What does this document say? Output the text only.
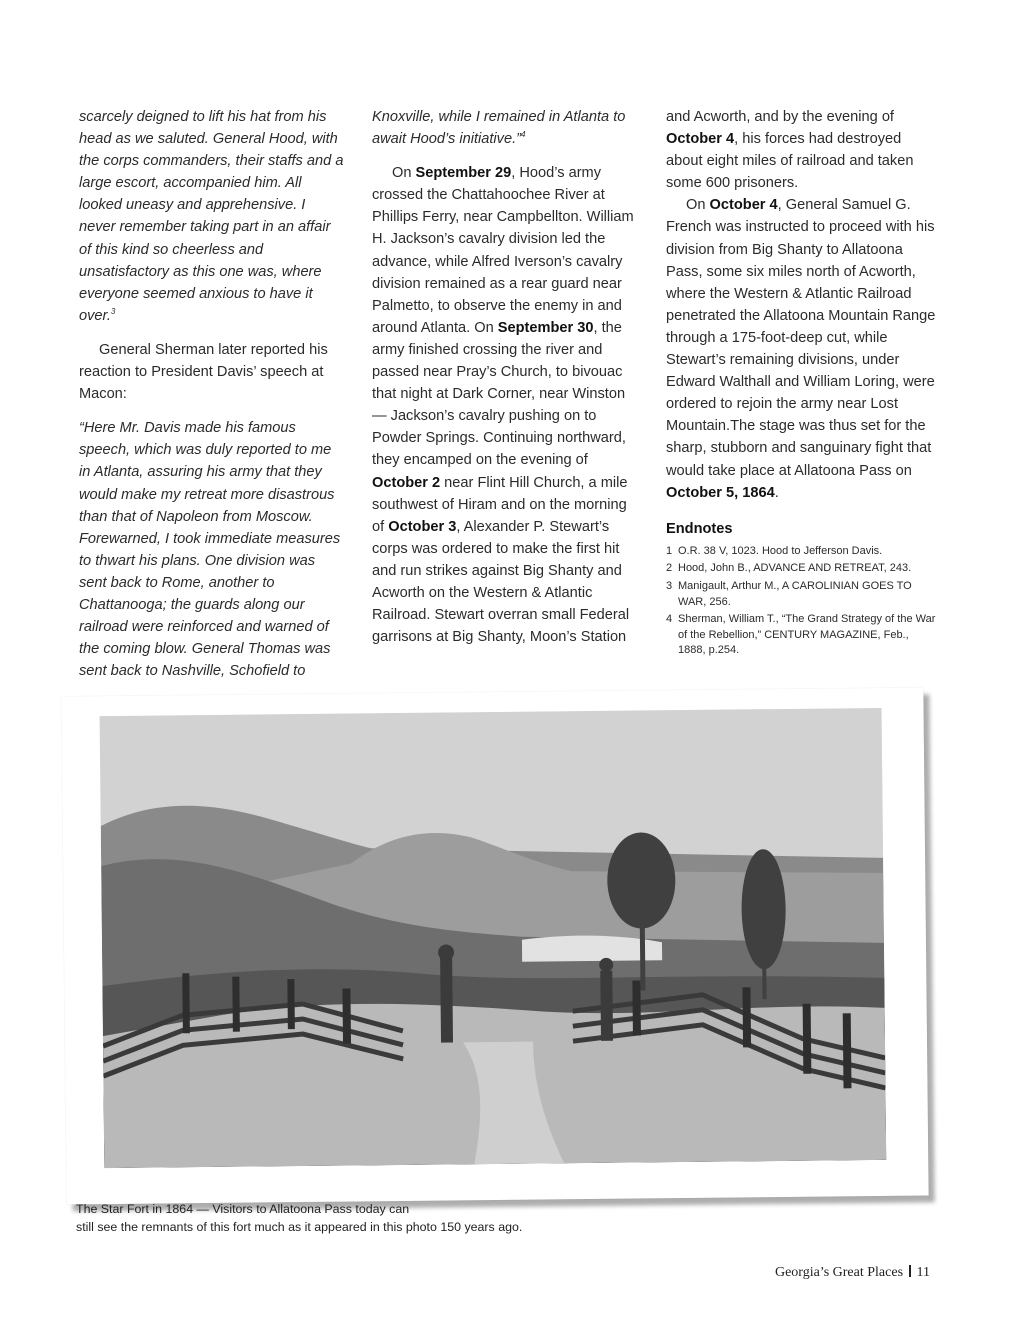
scarcely deigned to lift his hat from his head as we saluted. General Hood, with the corps commanders, their staffs and a large escort, accompanied him. All looked uneasy and apprehensive. I never remember taking part in an affair of this kind so cheerless and unsatisfactory as this one was, where everyone seemed anxious to have it over.$^3$

General Sherman later reported his reaction to President Davis’ speech at Macon:

“Here Mr. Davis made his famous speech, which was duly reported to me in Atlanta, assuring his army that they would make my retreat more disastrous than that of Napoleon from Moscow. Forewarned, I took immediate measures to thwart his plans. One division was sent back to Rome, another to Chattanooga; the guards along our railroad were reinforced and warned of the coming blow. General Thomas was sent back to Nashville, Schofield to

Knoxville, while I remained in Atlanta to await Hood’s initiative.”$^4$

On September 29, Hood’s army crossed the Chattahoochee River at Phillips Ferry, near Campbellton. William H. Jackson’s cavalry division led the advance, while Alfred Iverson’s cavalry division remained as a rear guard near Palmetto, to observe the enemy in and around Atlanta. On September 30, the army finished crossing the river and passed near Pray’s Church, to bivouac that night at Dark Corner, near Winston — Jackson’s cavalry pushing on to Powder Springs. Continuing northward, they encamped on the evening of October 2 near Flint Hill Church, a mile southwest of Hiram and on the morning of October 3, Alexander P. Stewart’s corps was ordered to make the first hit and run strikes against Big Shanty and Acworth on the Western & Atlantic Railroad. Stewart overran small Federal garrisons at Big Shanty, Moon’s Station

and Acworth, and by the evening of October 4, his forces had destroyed about eight miles of railroad and taken some 600 prisoners.

On October 4, General Samuel G. French was instructed to proceed with his division from Big Shanty to Allatoona Pass, some six miles north of Acworth, where the Western & Atlantic Railroad penetrated the Allatoona Mountain Range through a 175-foot-deep cut, while Stewart’s remaining divisions, under Edward Walthall and William Loring, were ordered to rejoin the army near Lost Mountain.The stage was thus set for the sharp, stubborn and sanguinary fight that would take place at Allatoona Pass on October 5, 1864.

Endnotes

1 O.R. 38 V, 1023. Hood to Jefferson Davis.
2 Hood, John B., ADVANCE AND RETREAT, 243.
3 Manigault, Arthur M., A CAROLINIAN GOES TO WAR, 256.
4 Sherman, William T., “The Grand Strategy of the War of the Rebellion,” CENTURY MAGAZINE, Feb., 1888, p.254.
The Star Fort in 1864 — Visitors to Allatoona Pass today can
still see the remnants of this fort much as it appeared in this photo 150 years ago.
Georgia’s Great Places 11
